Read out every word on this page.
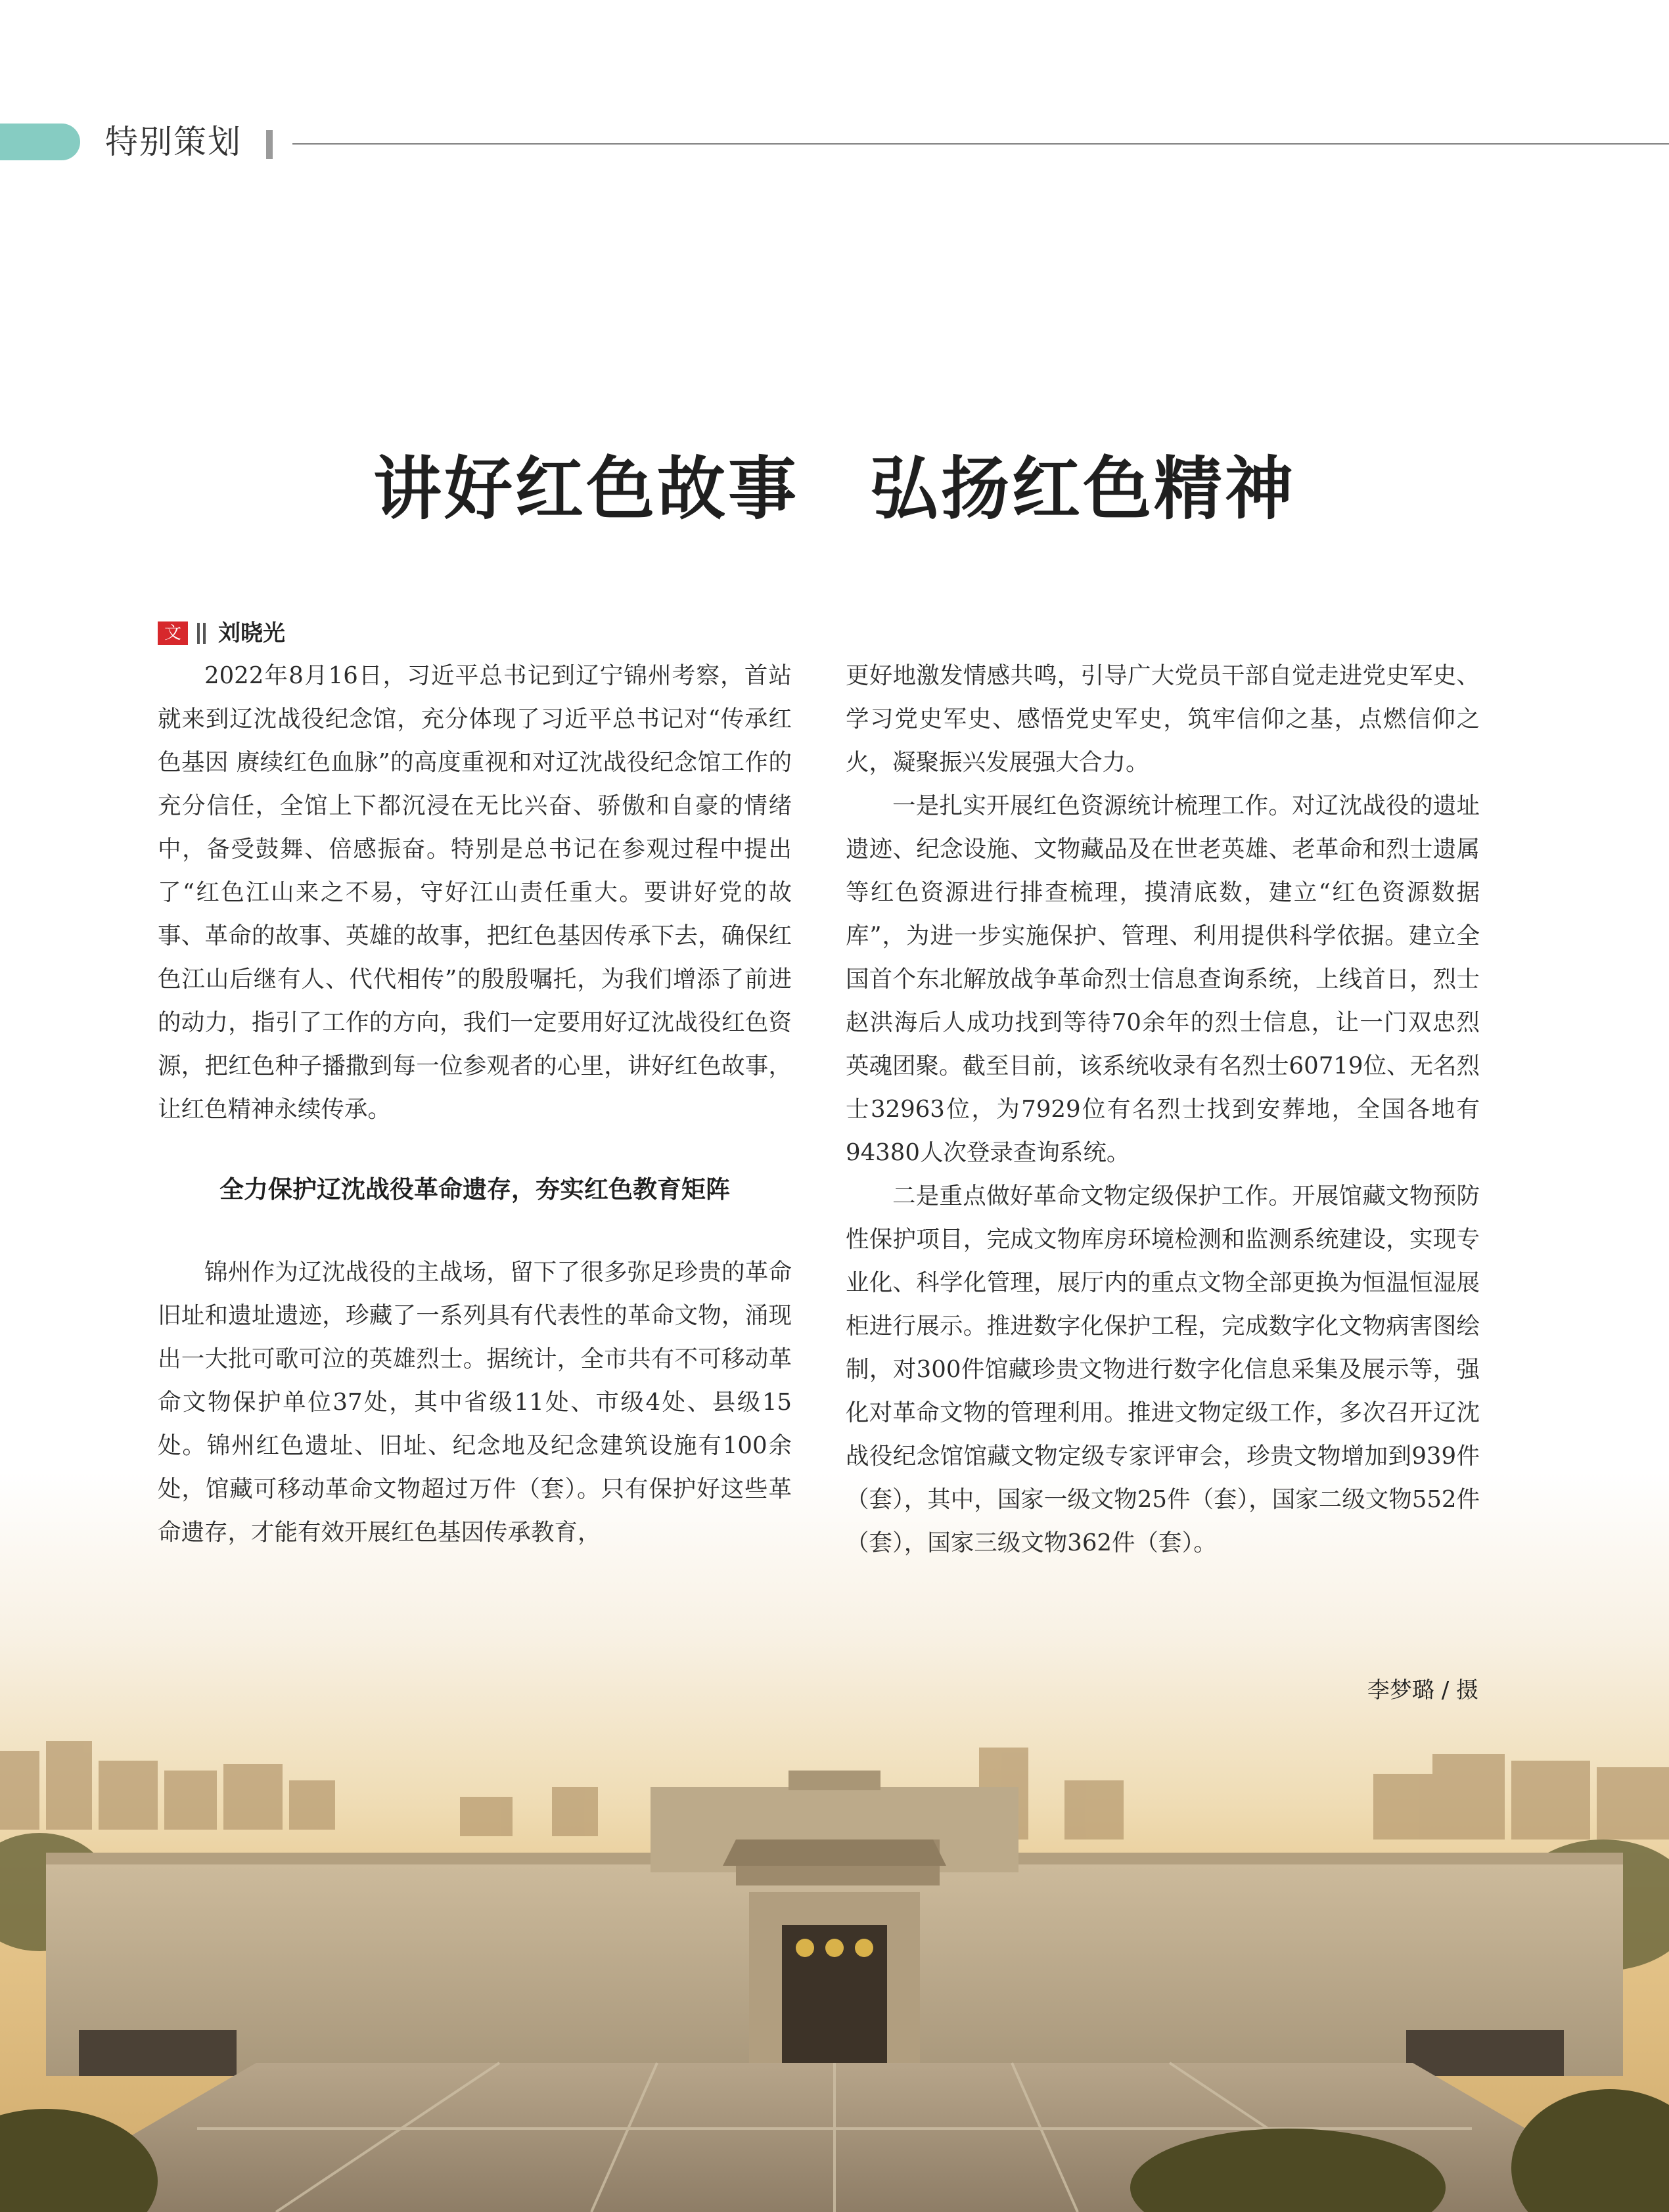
特别策划
讲好红色故事　弘扬红色精神
文 刘晓光

2022年8月16日，习近平总书记到辽宁锦州考察，首站就来到辽沈战役纪念馆，充分体现了习近平总书记对“传承红色基因 赓续红色血脉”的高度重视和对辽沈战役纪念馆工作的充分信任，全馆上下都沉浸在无比兴奋、骄傲和自豪的情绪中，备受鼓舞、倍感振奋。特别是总书记在参观过程中提出了“红色江山来之不易，守好江山责任重大。要讲好党的故事、革命的故事、英雄的故事，把红色基因传承下去，确保红色江山后继有人、代代相传”的殷殷嘱托，为我们增添了前进的动力，指引了工作的方向，我们一定要用好辽沈战役红色资源，把红色种子播撒到每一位参观者的心里，讲好红色故事，让红色精神永续传承。

全力保护辽沈战役革命遗存，夯实红色教育矩阵

锦州作为辽沈战役的主战场，留下了很多弥足珍贵的革命旧址和遗址遗迹，珍藏了一系列具有代表性的革命文物，涌现出一大批可歌可泣的英雄烈士。据统计，全市共有不可移动革命文物保护单位37处，其中省级11处、市级4处、县级15处。锦州红色遗址、旧址、纪念地及纪念建筑设施有100余处，馆藏可移动革命文物超过万件（套）。只有保护好这些革命遗存，才能有效开展红色基因传承教育，

更好地激发情感共鸣，引导广大党员干部自觉走进党史军史、学习党史军史、感悟党史军史，筑牢信仰之基，点燃信仰之火，凝聚振兴发展强大合力。

一是扎实开展红色资源统计梳理工作。对辽沈战役的遗址遗迹、纪念设施、文物藏品及在世老英雄、老革命和烈士遗属等红色资源进行排查梳理，摸清底数，建立“红色资源数据库”，为进一步实施保护、管理、利用提供科学依据。建立全国首个东北解放战争革命烈士信息查询系统，上线首日，烈士赵洪海后人成功找到等待70余年的烈士信息，让一门双忠烈英魂团聚。截至目前，该系统收录有名烈士60719位、无名烈士32963位，为7929位有名烈士找到安葬地，全国各地有94380人次登录查询系统。

二是重点做好革命文物定级保护工作。开展馆藏文物预防性保护项目，完成文物库房环境检测和监测系统建设，实现专业化、科学化管理，展厅内的重点文物全部更换为恒温恒湿展柜进行展示。推进数字化保护工程，完成数字化文物病害图绘制，对300件馆藏珍贵文物进行数字化信息采集及展示等，强化对革命文物的管理利用。推进文物定级工作，多次召开辽沈战役纪念馆馆藏文物定级专家评审会，珍贵文物增加到939件（套），其中，国家一级文物25件（套），国家二级文物552件（套），国家三级文物362件（套）。

李梦璐 / 摄
